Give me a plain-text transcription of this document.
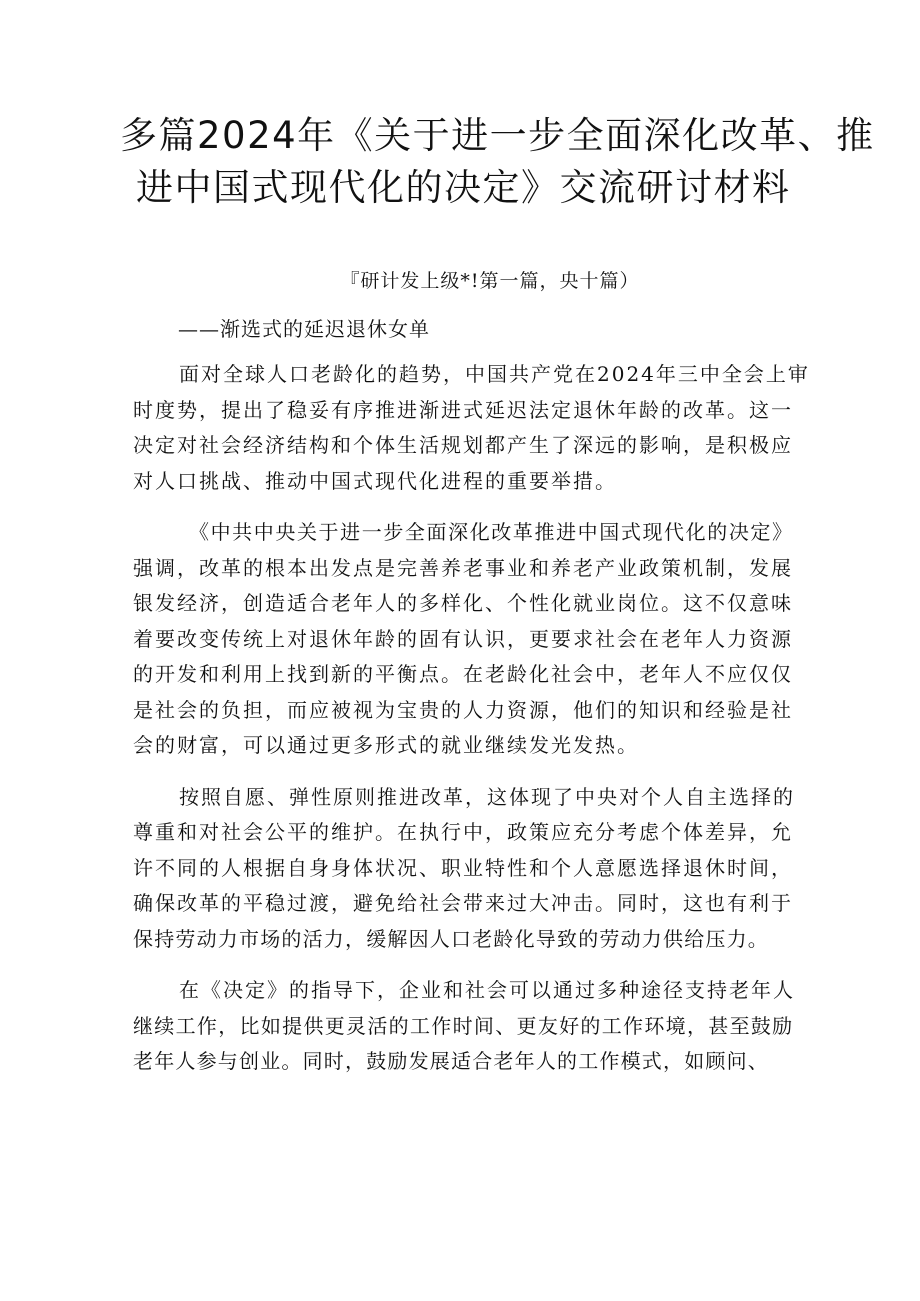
多篇2024年《关于进一步全面深化改革、推
进中国式现代化的决定》交流研讨材料

『研计发上级*!第一篇，央十篇）

——渐选式的延迟退休女单

面对全球人口老龄化的趋势，中国共产党在2024年三中全会上审
时度势，提出了稳妥有序推进渐进式延迟法定退休年龄的改革。这一
决定对社会经济结构和个体生活规划都产生了深远的影响，是积极应
对人口挑战、推动中国式现代化进程的重要举措。
《中共中央关于进一步全面深化改革推进中国式现代化的决定》
强调，改革的根本出发点是完善养老事业和养老产业政策机制，发展
银发经济，创造适合老年人的多样化、个性化就业岗位。这不仅意味
着要改变传统上对退休年龄的固有认识，更要求社会在老年人力资源
的开发和利用上找到新的平衡点。在老龄化社会中，老年人不应仅仅
是社会的负担，而应被视为宝贵的人力资源，他们的知识和经验是社
会的财富，可以通过更多形式的就业继续发光发热。
按照自愿、弹性原则推进改革，这体现了中央对个人自主选择的
尊重和对社会公平的维护。在执行中，政策应充分考虑个体差异，允
许不同的人根据自身身体状况、职业特性和个人意愿选择退休时间，
确保改革的平稳过渡，避免给社会带来过大冲击。同时，这也有利于
保持劳动力市场的活力，缓解因人口老龄化导致的劳动力供给压力。
在《决定》的指导下，企业和社会可以通过多种途径支持老年人
继续工作，比如提供更灵活的工作时间、更友好的工作环境，甚至鼓励
老年人参与创业。同时，鼓励发展适合老年人的工作模式，如顾问、
